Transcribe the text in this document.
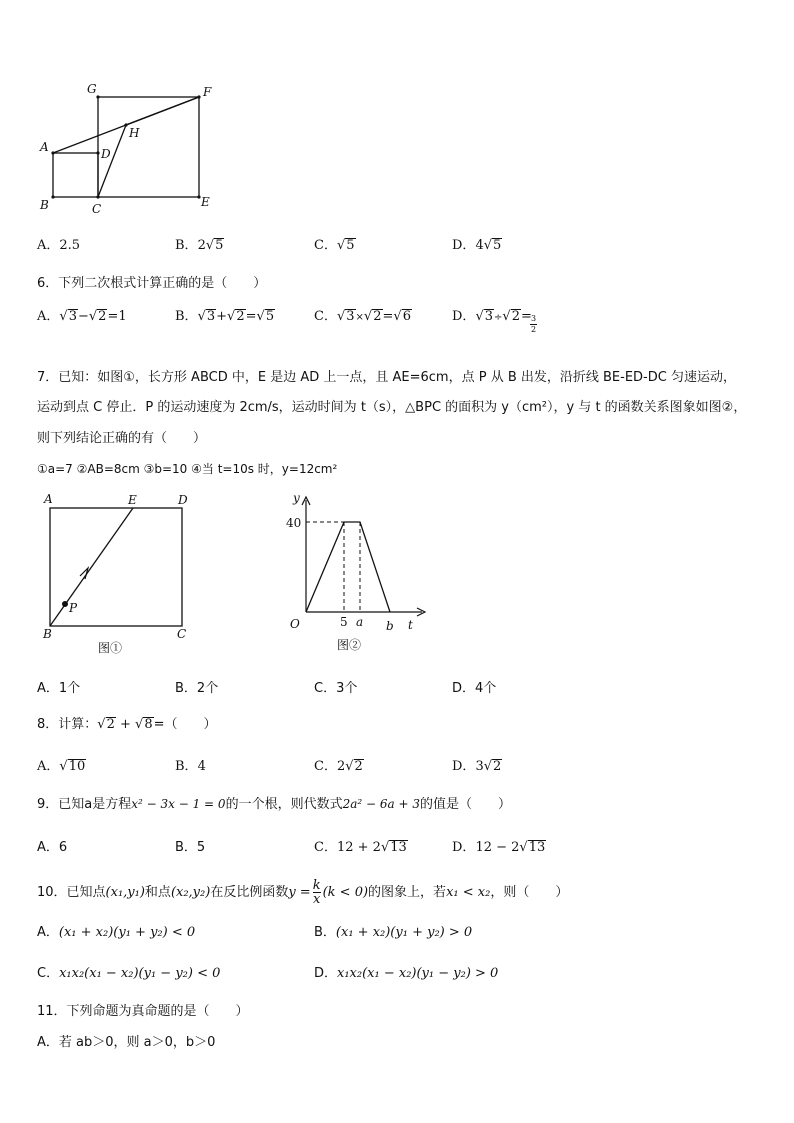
G	F
A	D
H
B	C	E
A．2.5	B．2√5	C．√5	D．4√5
6．下列二次根式计算正确的是（　　）
A．√3−√2=1	B．√3+√2=√5	C．√3×√2=√6	D．√3÷√2= 3
2
7．已知：如图①，长方形 ABCD 中，E 是边 AD 上一点，且 AE=6cm，点 P 从 B 出发，沿折线 BE-ED-DC 匀速运动，
运动到点 C 停止．P 的运动速度为 2cm/s，运动时间为 t（s），△BPC 的面积为 y（cm²），y 与 t 的函数关系图象如图②，
则下列结论正确的有（　　）
①a=7 ②AB=8cm ③b=10 ④当 t=10s 时，y=12cm²
A	E	D
P
B	C
图①
y
40
O	5 a b t
图②
A．1个	B．2个	C．3个	D．4个
8．计算：√2 + √8=（　　）
A．√10	B．4	C．2√2	D．3√2
9．已知a是方程x² − 3x − 1 = 0的一个根，则代数式2a² − 6a + 3的值是（　　）
A．6	B．5	C．12 + 2√13	D．12 − 2√13
10．已知点(x₁,y₁)和点(x₂,y₂)在反比例函数$y = \frac{k}{x} (k < 0)$的图象上，若x₁ < x₂，则（　　）
A．(x₁ + x₂)(y₁ + y₂) < 0	B．(x₁ + x₂)(y₁ + y₂) > 0
C．x₁x₂(x₁ − x₂)(y₁ − y₂) < 0	D．x₁x₂(x₁ − x₂)(y₁ − y₂) > 0
11．下列命题为真命题的是（　　）
A．若 ab＞0，则 a＞0，b＞0
